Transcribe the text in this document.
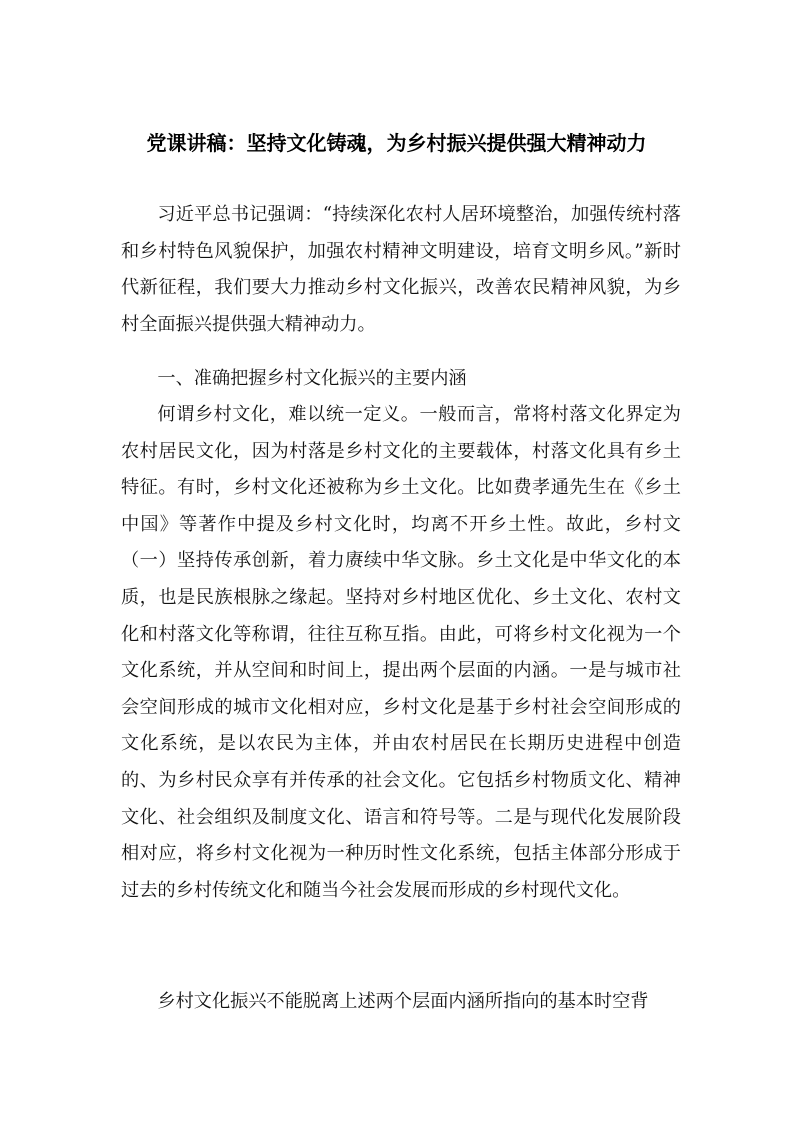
党课讲稿：坚持文化铸魂，为乡村振兴提供强大精神动力

习近平总书记强调：“持续深化农村人居环境整治，加强传统村落和乡村特色风貌保护，加强农村精神文明建设，培育文明乡风。”新时代新征程，我们要大力推动乡村文化振兴，改善农民精神风貌，为乡村全面振兴提供强大精神动力。

一、准确把握乡村文化振兴的主要内涵

何谓乡村文化，难以统一定义。一般而言，常将村落文化界定为农村居民文化，因为村落是乡村文化的主要载体，村落文化具有乡土特征。有时，乡村文化还被称为乡土文化。比如费孝通先生在《乡土中国》等著作中提及乡村文化时，均离不开乡土性。故此，乡村文（一）坚持传承创新，着力赓续中华文脉。乡土文化是中华文化的本质，也是民族根脉之缘起。坚持对乡村地区优化、乡土文化、农村文化和村落文化等称谓，往往互称互指。由此，可将乡村文化视为一个文化系统，并从空间和时间上，提出两个层面的内涵。一是与城市社会空间形成的城市文化相对应，乡村文化是基于乡村社会空间形成的文化系统，是以农民为主体，并由农村居民在长期历史进程中创造的、为乡村民众享有并传承的社会文化。它包括乡村物质文化、精神文化、社会组织及制度文化、语言和符号等。二是与现代化发展阶段相对应，将乡村文化视为一种历时性文化系统，包括主体部分形成于过去的乡村传统文化和随当今社会发展而形成的乡村现代文化。

乡村文化振兴不能脱离上述两个层面内涵所指向的基本时空背
